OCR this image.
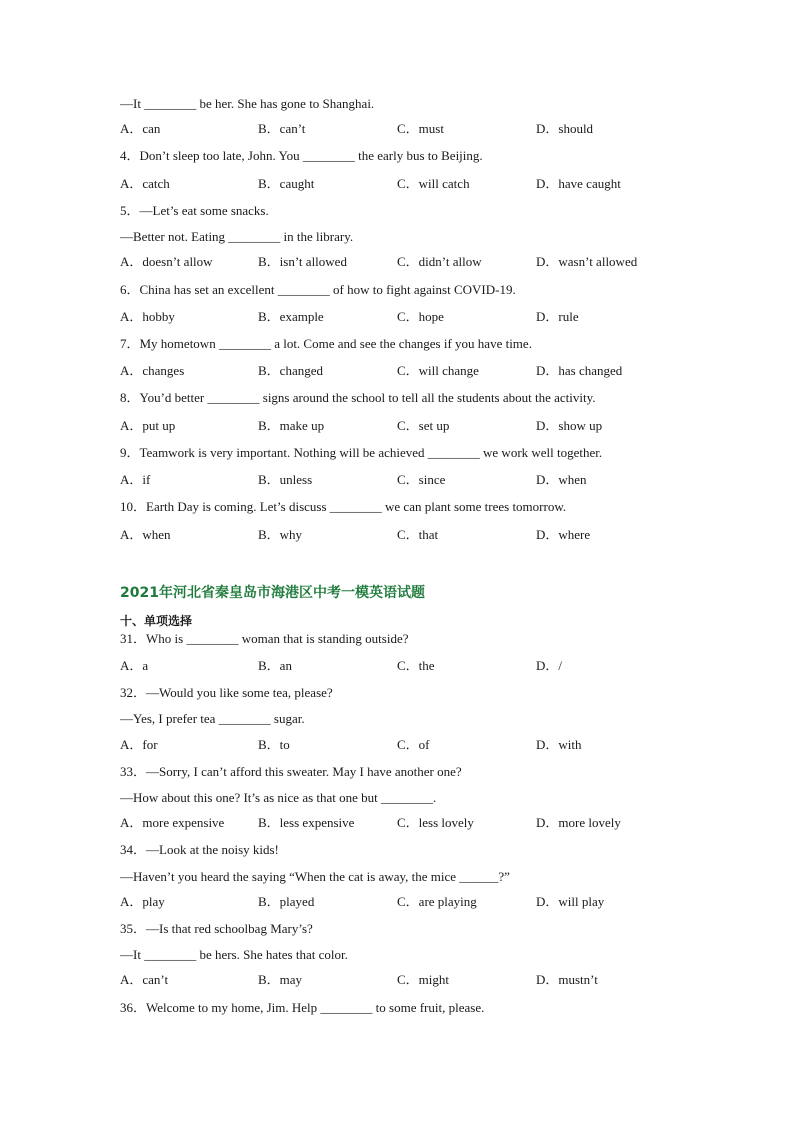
—It ________ be her. She has gone to Shanghai.
A．can	B．can’t	C．must	D．should
4．Don’t sleep too late, John. You ________ the early bus to Beijing.
A．catch	B．caught	C．will catch	D．have caught
5．—Let’s eat some snacks.
—Better not. Eating ________ in the library.
A．doesn’t allow	B．isn’t allowed	C．didn’t allow	D．wasn’t allowed
6．China has set an excellent ________ of how to fight against COVID-19.
A．hobby	B．example	C．hope	D．rule
7．My hometown ________ a lot. Come and see the changes if you have time.
A．changes	B．changed	C．will change	D．has changed
8．You’d better ________ signs around the school to tell all the students about the activity.
A．put up	B．make up	C．set up	D．show up
9．Teamwork is very important. Nothing will be achieved ________ we work well together.
A．if	B．unless	C．since	D．when
10．Earth Day is coming. Let’s discuss ________ we can plant some trees tomorrow.
A．when	B．why	C．that	D．where
2021年河北省秦皇岛市海港区中考一模英语试题
十、单项选择
31．Who is ________ woman that is standing outside?
A．a	B．an	C．the	D．/
32．—Would you like some tea, please?
—Yes, I prefer tea ________ sugar.
A．for	B．to	C．of	D．with
33．—Sorry, I can’t afford this sweater. May I have another one?
—How about this one? It’s as nice as that one but ________.
A．more expensive	B．less expensive	C．less lovely	D．more lovely
34．—Look at the noisy kids!
—Haven’t you heard the saying “When the cat is away, the mice ______?”
A．play	B．played	C．are playing	D．will play
35．—Is that red schoolbag Mary’s?
—It ________ be hers. She hates that color.
A．can’t	B．may	C．might	D．mustn’t
36．Welcome to my home, Jim. Help ________ to some fruit, please.
